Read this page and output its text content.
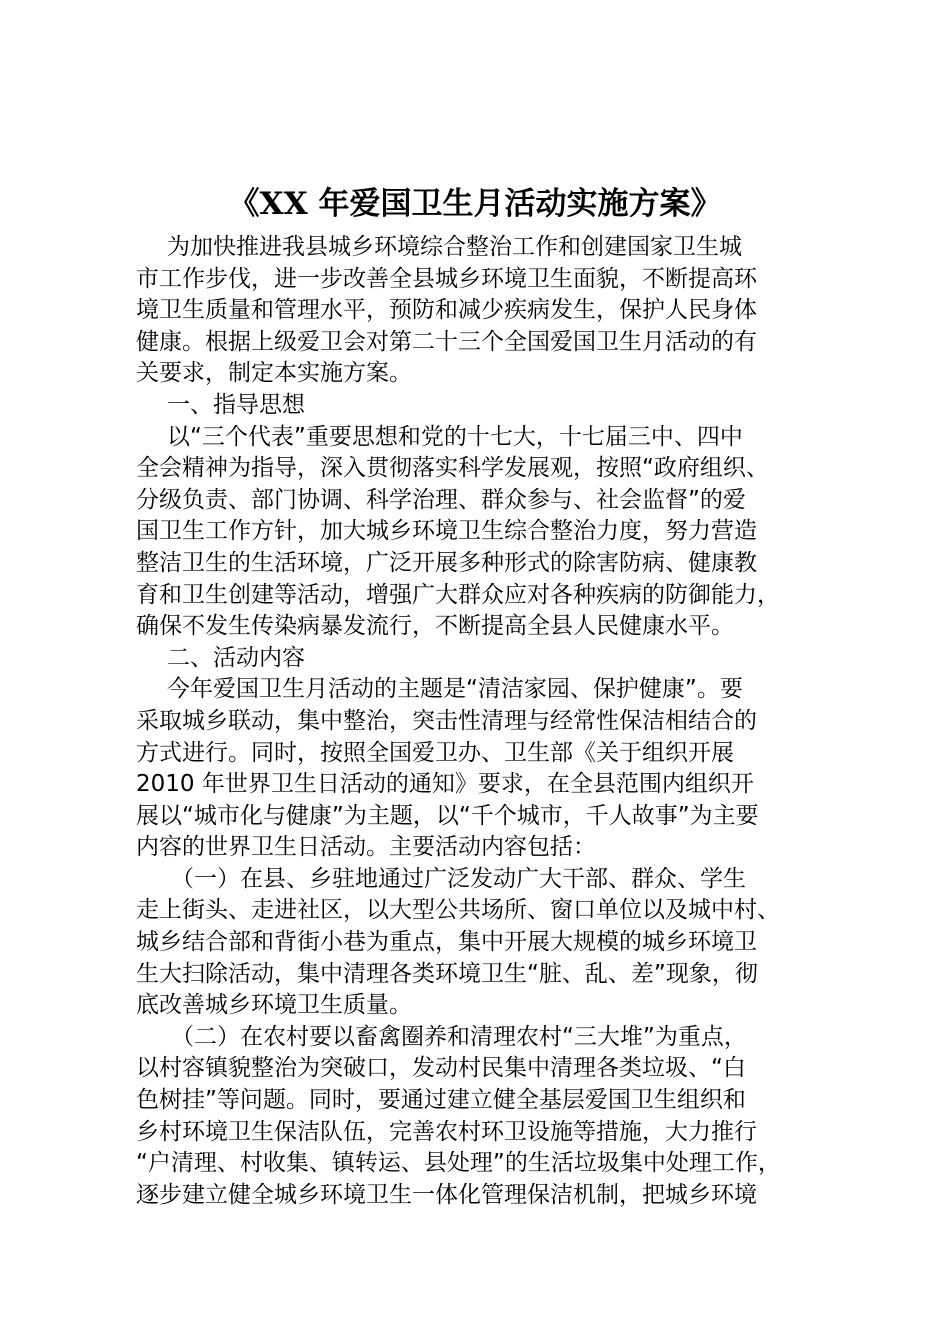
《XX 年爱国卫生月活动实施方案》
为加快推进我县城乡环境综合整治工作和创建国家卫生城
市工作步伐，进一步改善全县城乡环境卫生面貌，不断提高环
境卫生质量和管理水平，预防和减少疾病发生，保护人民身体
健康。根据上级爱卫会对第二十三个全国爱国卫生月活动的有
关要求，制定本实施方案。
一、指导思想
以“三个代表”重要思想和党的十七大，十七届三中、四中
全会精神为指导，深入贯彻落实科学发展观，按照“政府组织、
分级负责、部门协调、科学治理、群众参与、社会监督”的爱
国卫生工作方针，加大城乡环境卫生综合整治力度，努力营造
整洁卫生的生活环境，广泛开展多种形式的除害防病、健康教
育和卫生创建等活动，增强广大群众应对各种疾病的防御能力，
确保不发生传染病暴发流行，不断提高全县人民健康水平。
二、活动内容
今年爱国卫生月活动的主题是“清洁家园、保护健康”。要
采取城乡联动，集中整治，突击性清理与经常性保洁相结合的
方式进行。同时，按照全国爱卫办、卫生部《关于组织开展
2010 年世界卫生日活动的通知》要求，在全县范围内组织开
展以“城市化与健康”为主题，以“千个城市，千人故事”为主要
内容的世界卫生日活动。主要活动内容包括：
（一）在县、乡驻地通过广泛发动广大干部、群众、学生
走上街头、走进社区，以大型公共场所、窗口单位以及城中村、
城乡结合部和背街小巷为重点，集中开展大规模的城乡环境卫
生大扫除活动，集中清理各类环境卫生“脏、乱、差”现象，彻
底改善城乡环境卫生质量。
（二）在农村要以畜禽圈养和清理农村“三大堆”为重点，
以村容镇貌整治为突破口，发动村民集中清理各类垃圾、“白
色树挂”等问题。同时，要通过建立健全基层爱国卫生组织和
乡村环境卫生保洁队伍，完善农村环卫设施等措施，大力推行
“户清理、村收集、镇转运、县处理”的生活垃圾集中处理工作，
逐步建立健全城乡环境卫生一体化管理保洁机制，把城乡环境
